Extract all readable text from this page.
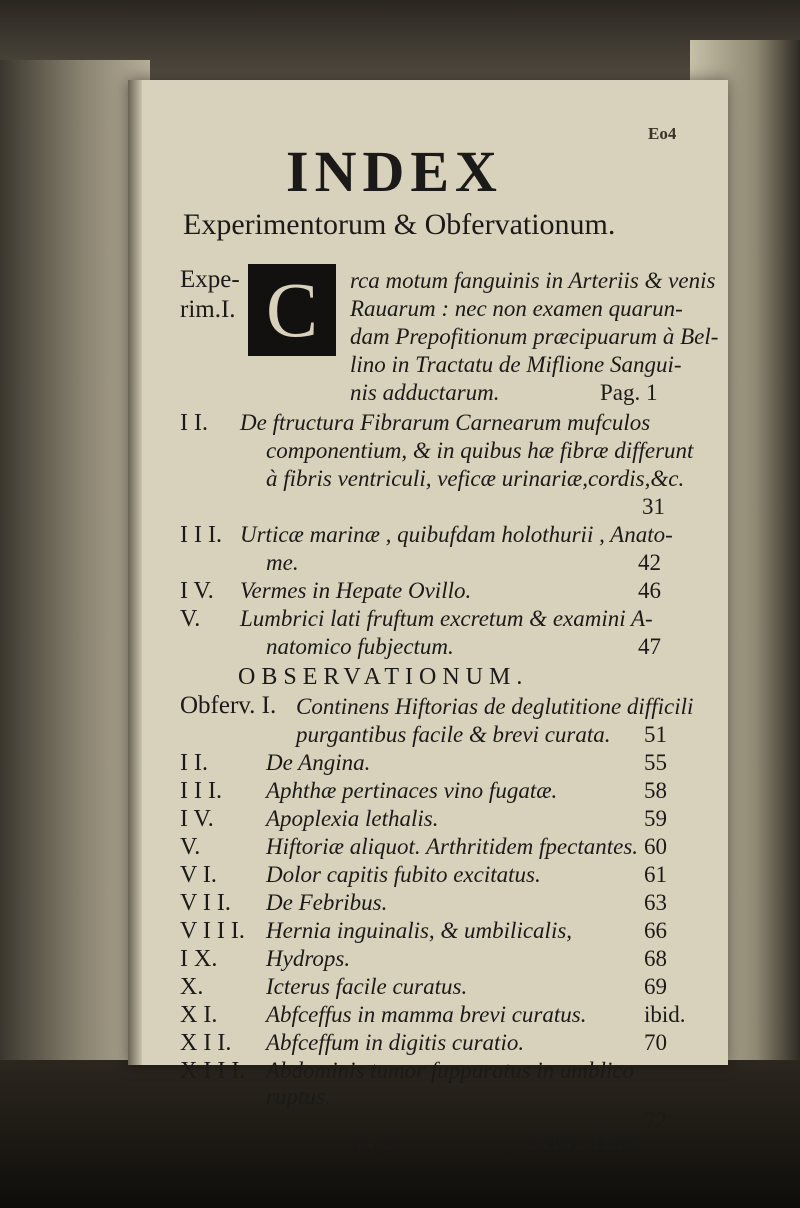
Eo4
INDEX
Experimentorum & Obfervationum.
Expe-
rim.I. C rca motum fanguinis in Arteriis & venis
Rauarum : nec non examen quarun-
dam Prepofitionum præcipuarum à Bel-
lino in Tractatu de Miflione Sangui-
nis adductarum.	Pag. 1
I I. De ftructura Fibrarum Carnearum mufculos
componentium, & in quibus hæ fibræ differunt
à fibris ventriculi, veficæ urinariæ,cordis,&c.
31
I I I. Urticæ marinæ , quibufdam holothurii , Anato-
me.	42
I V. Vermes in Hepate Ovillo.	46
V. Lumbrici lati fruftum excretum & examini A-
natomico fubjectum.	47
OBSERVATIONUM.
Obferv. I. Continens Hiftorias de deglutitione difficili
purgantibus facile & brevi curata. 51
I I.	De Angina.	55
I I I. Aphthæ pertinaces vino fugatæ.	58
I V. Apoplexia lethalis.	59
V.	Hiftoriæ aliquot. Arthritidem fpectantes. 60
V I. Dolor capitis fubito excitatus.	61
V I I. De Febribus.	63
V I I I. Hernia inguinalis, & umbilicalis,	66
I X. Hydrops.	68
X.	Icterus facile curatus.	69
X I. Abfceffus in mamma brevi curatus.	ibid.
X I I. Abfceffum in digitis curatio.	70
X I I I. Abdominis tumor fuppuratus in umblico
ruptus.
72
N 5	XIV. Tho-
